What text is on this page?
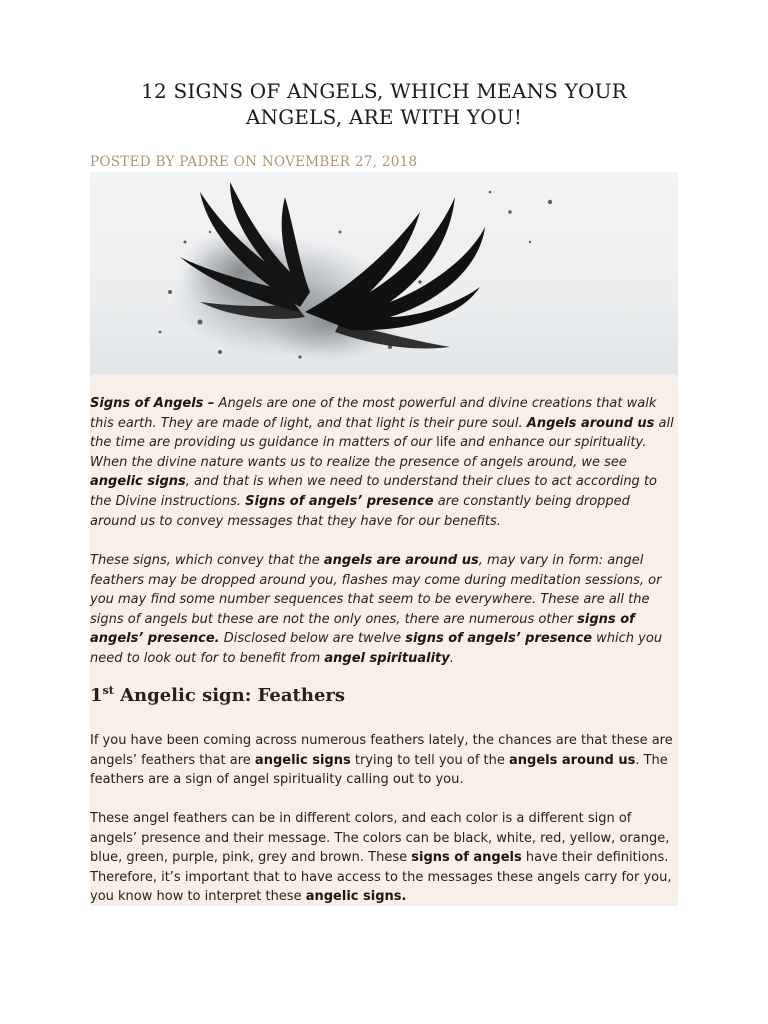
12 SIGNS OF ANGELS, WHICH MEANS YOUR ANGELS, ARE WITH YOU!
POSTED BY PADRE ON NOVEMBER 27, 2018

Signs of Angels – Angels are one of the most powerful and divine creations that walk this earth. They are made of light, and that light is their pure soul. Angels around us all the time are providing us guidance in matters of our life and enhance our spirituality. When the divine nature wants us to realize the presence of angels around, we see angelic signs, and that is when we need to understand their clues to act according to the Divine instructions. Signs of angels’ presence are constantly being dropped around us to convey messages that they have for our benefits.

These signs, which convey that the angels are around us, may vary in form: angel feathers may be dropped around you, flashes may come during meditation sessions, or you may find some number sequences that seem to be everywhere. These are all the signs of angels but these are not the only ones, there are numerous other signs of angels’ presence. Disclosed below are twelve signs of angels’ presence which you need to look out for to benefit from angel spirituality.

1st Angelic sign: Feathers

If you have been coming across numerous feathers lately, the chances are that these are angels’ feathers that are angelic signs trying to tell you of the angels around us. The feathers are a sign of angel spirituality calling out to you.

These angel feathers can be in different colors, and each color is a different sign of angels’ presence and their message. The colors can be black, white, red, yellow, orange, blue, green, purple, pink, grey and brown. These signs of angels have their definitions. Therefore, it’s important that to have access to the messages these angels carry for you, you know how to interpret these angelic signs.
